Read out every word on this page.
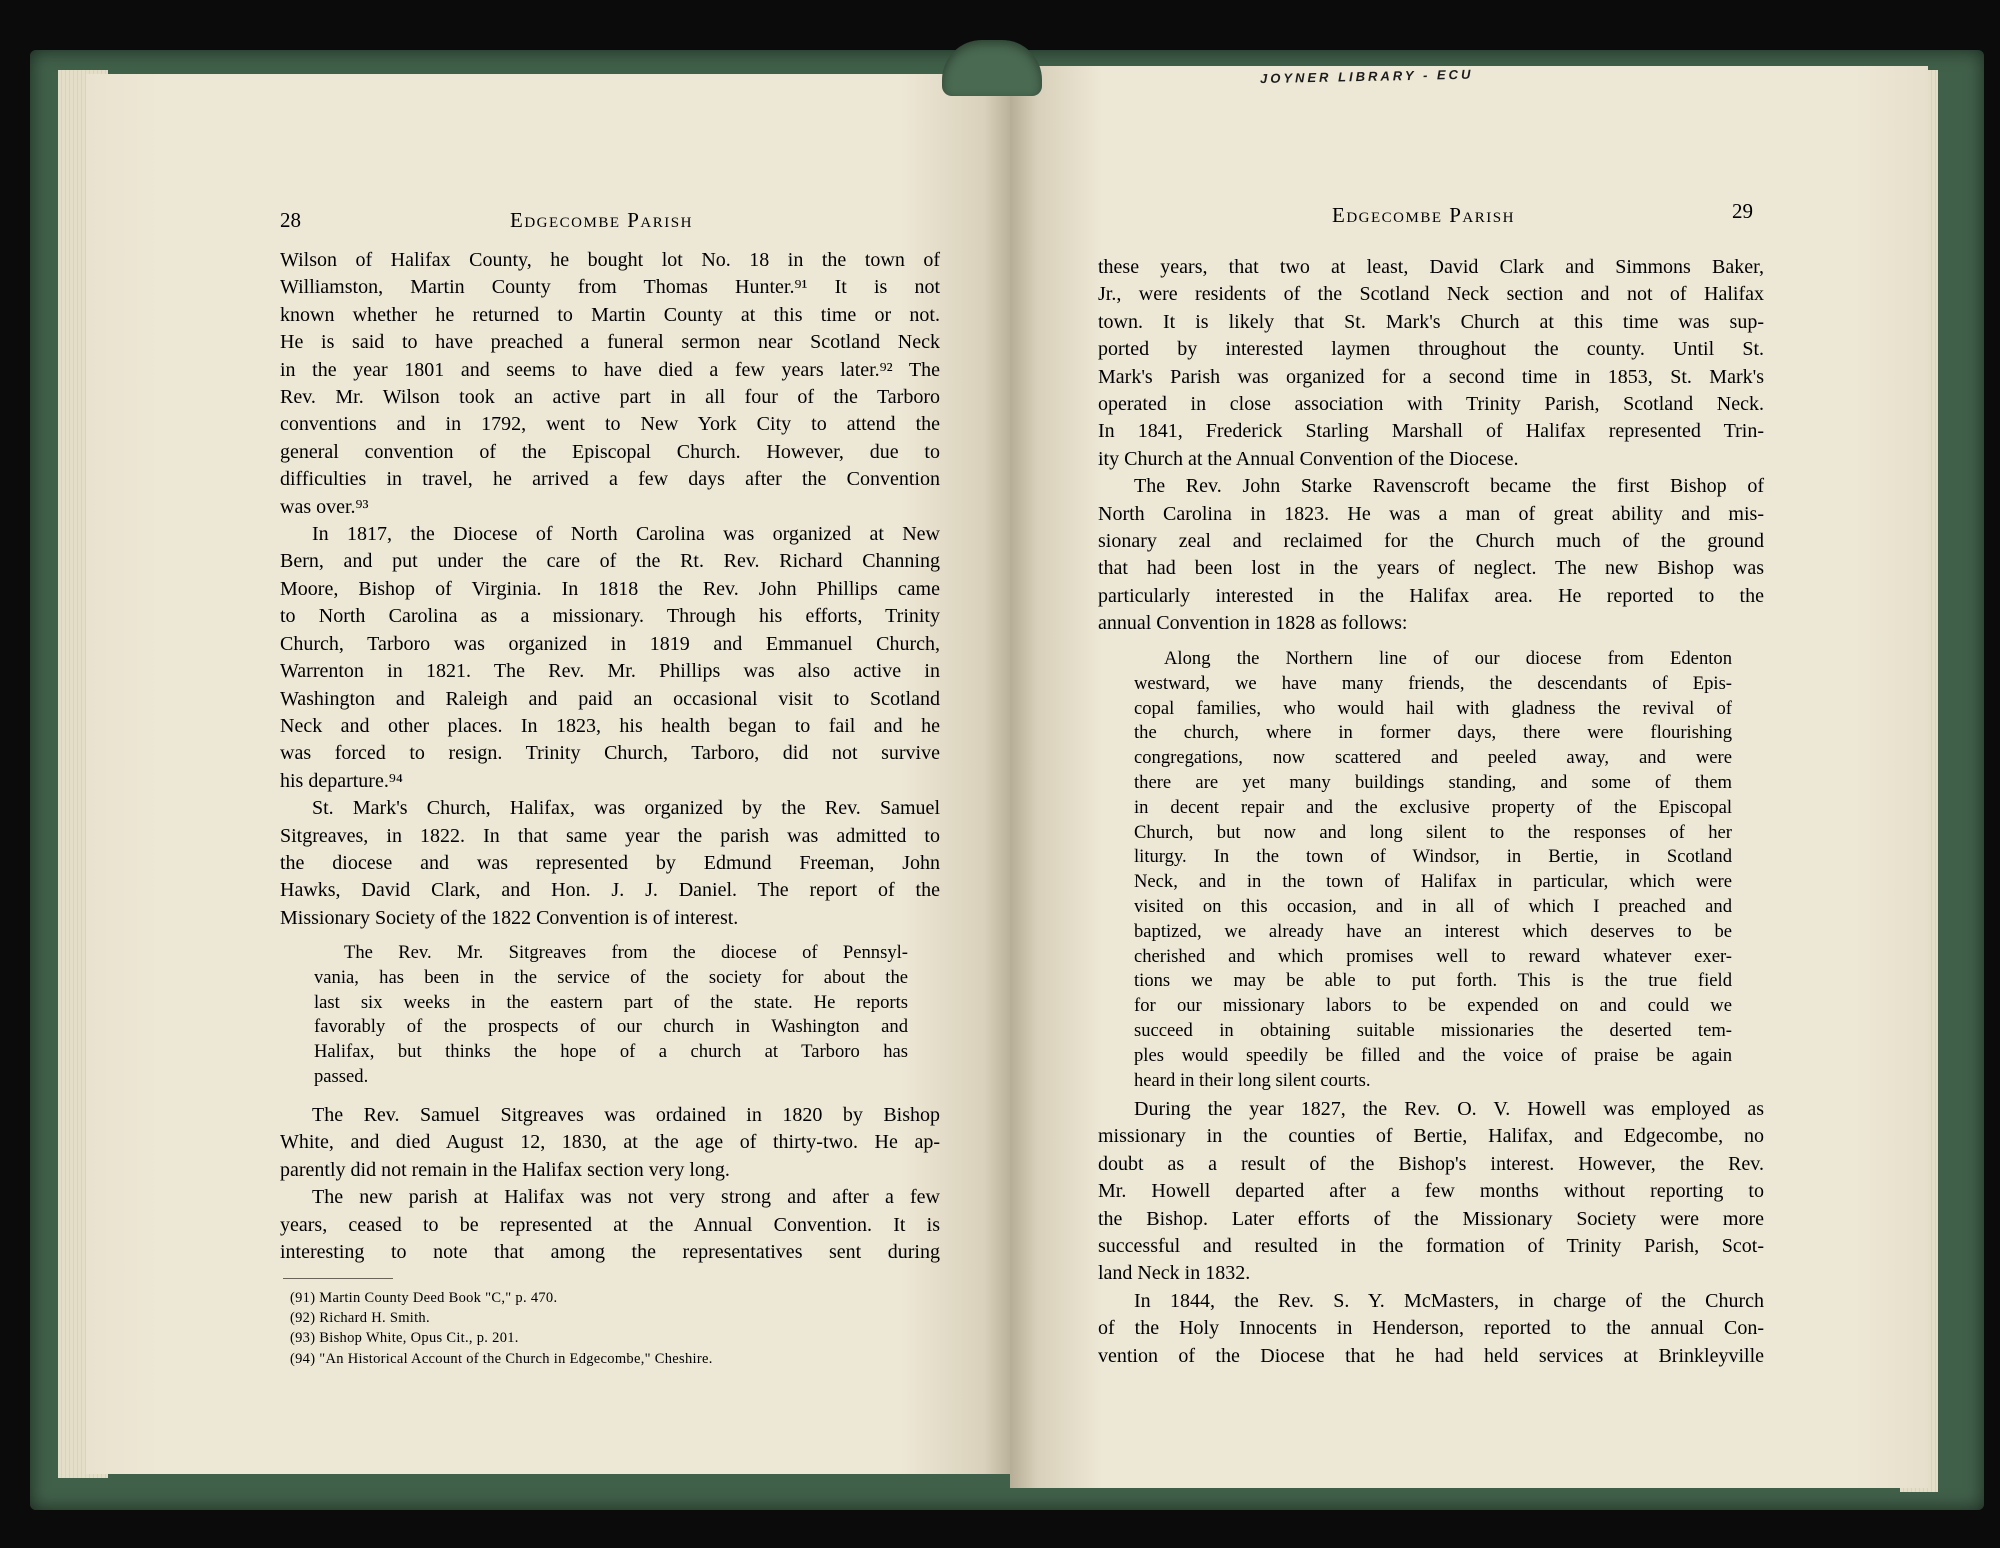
28	Edgecombe Parish

Wilson of Halifax County, he bought lot No. 18 in the town of
Williamston, Martin County from Thomas Hunter.⁹¹ It is not
known whether he returned to Martin County at this time or not.
He is said to have preached a funeral sermon near Scotland Neck
in the year 1801 and seems to have died a few years later.⁹² The
Rev. Mr. Wilson took an active part in all four of the Tarboro
conventions and in 1792, went to New York City to attend the
general convention of the Episcopal Church. However, due to
difficulties in travel, he arrived a few days after the Convention
was over.⁹³

In 1817, the Diocese of North Carolina was organized at New
Bern, and put under the care of the Rt. Rev. Richard Channing
Moore, Bishop of Virginia. In 1818 the Rev. John Phillips came
to North Carolina as a missionary. Through his efforts, Trinity
Church, Tarboro was organized in 1819 and Emmanuel Church,
Warrenton in 1821. The Rev. Mr. Phillips was also active in
Washington and Raleigh and paid an occasional visit to Scotland
Neck and other places. In 1823, his health began to fail and he
was forced to resign. Trinity Church, Tarboro, did not survive
his departure.⁹⁴

St. Mark's Church, Halifax, was organized by the Rev. Samuel
Sitgreaves, in 1822. In that same year the parish was admitted to
the diocese and was represented by Edmund Freeman, John
Hawks, David Clark, and Hon. J. J. Daniel. The report of the
Missionary Society of the 1822 Convention is of interest.

The Rev. Mr. Sitgreaves from the diocese of Pennsyl-
vania, has been in the service of the society for about the
last six weeks in the eastern part of the state. He reports
favorably of the prospects of our church in Washington and
Halifax, but thinks the hope of a church at Tarboro has
passed.

The Rev. Samuel Sitgreaves was ordained in 1820 by Bishop
White, and died August 12, 1830, at the age of thirty-two. He ap-
parently did not remain in the Halifax section very long.

The new parish at Halifax was not very strong and after a few
years, ceased to be represented at the Annual Convention. It is
interesting to note that among the representatives sent during

(91) Martin County Deed Book "C," p. 470.
(92) Richard H. Smith.
(93) Bishop White, Opus Cit., p. 201.
(94) "An Historical Account of the Church in Edgecombe," Cheshire.
JOYNER LIBRARY - ECU
Edgecombe Parish	29

these years, that two at least, David Clark and Simmons Baker,
Jr., were residents of the Scotland Neck section and not of Halifax
town. It is likely that St. Mark's Church at this time was sup-
ported by interested laymen throughout the county. Until St.
Mark's Parish was organized for a second time in 1853, St. Mark's
operated in close association with Trinity Parish, Scotland Neck.
In 1841, Frederick Starling Marshall of Halifax represented Trin-
ity Church at the Annual Convention of the Diocese.

The Rev. John Starke Ravenscroft became the first Bishop of
North Carolina in 1823. He was a man of great ability and mis-
sionary zeal and reclaimed for the Church much of the ground
that had been lost in the years of neglect. The new Bishop was
particularly interested in the Halifax area. He reported to the
annual Convention in 1828 as follows:

Along the Northern line of our diocese from Edenton
westward, we have many friends, the descendants of Epis-
copal families, who would hail with gladness the revival of
the church, where in former days, there were flourishing
congregations, now scattered and peeled away, and were
there are yet many buildings standing, and some of them
in decent repair and the exclusive property of the Episcopal
Church, but now and long silent to the responses of her
liturgy. In the town of Windsor, in Bertie, in Scotland
Neck, and in the town of Halifax in particular, which were
visited on this occasion, and in all of which I preached and
baptized, we already have an interest which deserves to be
cherished and which promises well to reward whatever exer-
tions we may be able to put forth. This is the true field
for our missionary labors to be expended on and could we
succeed in obtaining suitable missionaries the deserted tem-
ples would speedily be filled and the voice of praise be again
heard in their long silent courts.

During the year 1827, the Rev. O. V. Howell was employed as
missionary in the counties of Bertie, Halifax, and Edgecombe, no
doubt as a result of the Bishop's interest. However, the Rev.
Mr. Howell departed after a few months without reporting to
the Bishop. Later efforts of the Missionary Society were more
successful and resulted in the formation of Trinity Parish, Scot-
land Neck in 1832.

In 1844, the Rev. S. Y. McMasters, in charge of the Church
of the Holy Innocents in Henderson, reported to the annual Con-
vention of the Diocese that he had held services at Brinkleyville
